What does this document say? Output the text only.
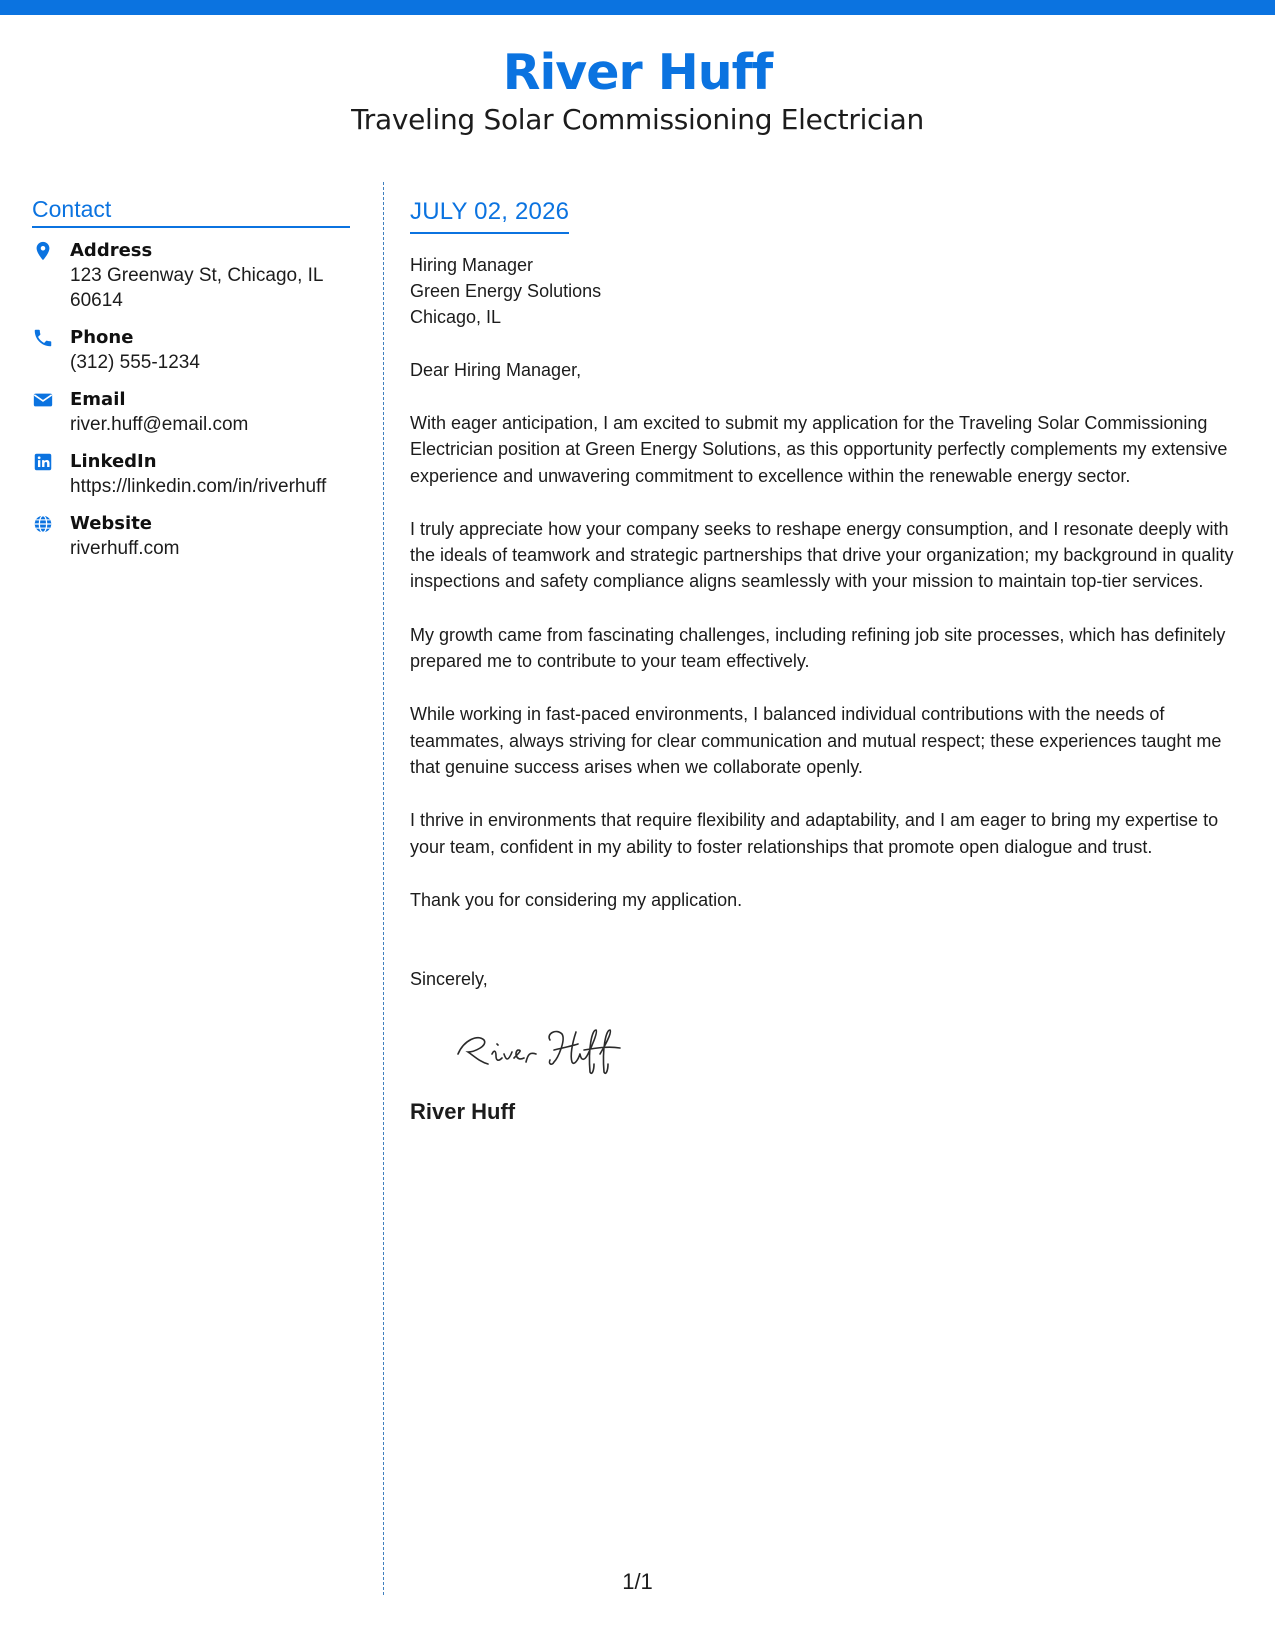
River Huff
Traveling Solar Commissioning Electrician
Contact
Address
123 Greenway St, Chicago, IL 60614
Phone
(312) 555-1234
Email
river.huff@email.com
LinkedIn
https://linkedin.com/in/riverhuff
Website
riverhuff.com
JULY 02, 2026
Hiring Manager
Green Energy Solutions
Chicago, IL
Dear Hiring Manager,
With eager anticipation, I am excited to submit my application for the Traveling Solar Commissioning Electrician position at Green Energy Solutions, as this opportunity perfectly complements my extensive experience and unwavering commitment to excellence within the renewable energy sector.
I truly appreciate how your company seeks to reshape energy consumption, and I resonate deeply with the ideals of teamwork and strategic partnerships that drive your organization; my background in quality inspections and safety compliance aligns seamlessly with your mission to maintain top-tier services.
My growth came from fascinating challenges, including refining job site processes, which has definitely prepared me to contribute to your team effectively.
While working in fast-paced environments, I balanced individual contributions with the needs of teammates, always striving for clear communication and mutual respect; these experiences taught me that genuine success arises when we collaborate openly.
I thrive in environments that require flexibility and adaptability, and I am eager to bring my expertise to your team, confident in my ability to foster relationships that promote open dialogue and trust.
Thank you for considering my application.
Sincerely,
River Huff
1/1
